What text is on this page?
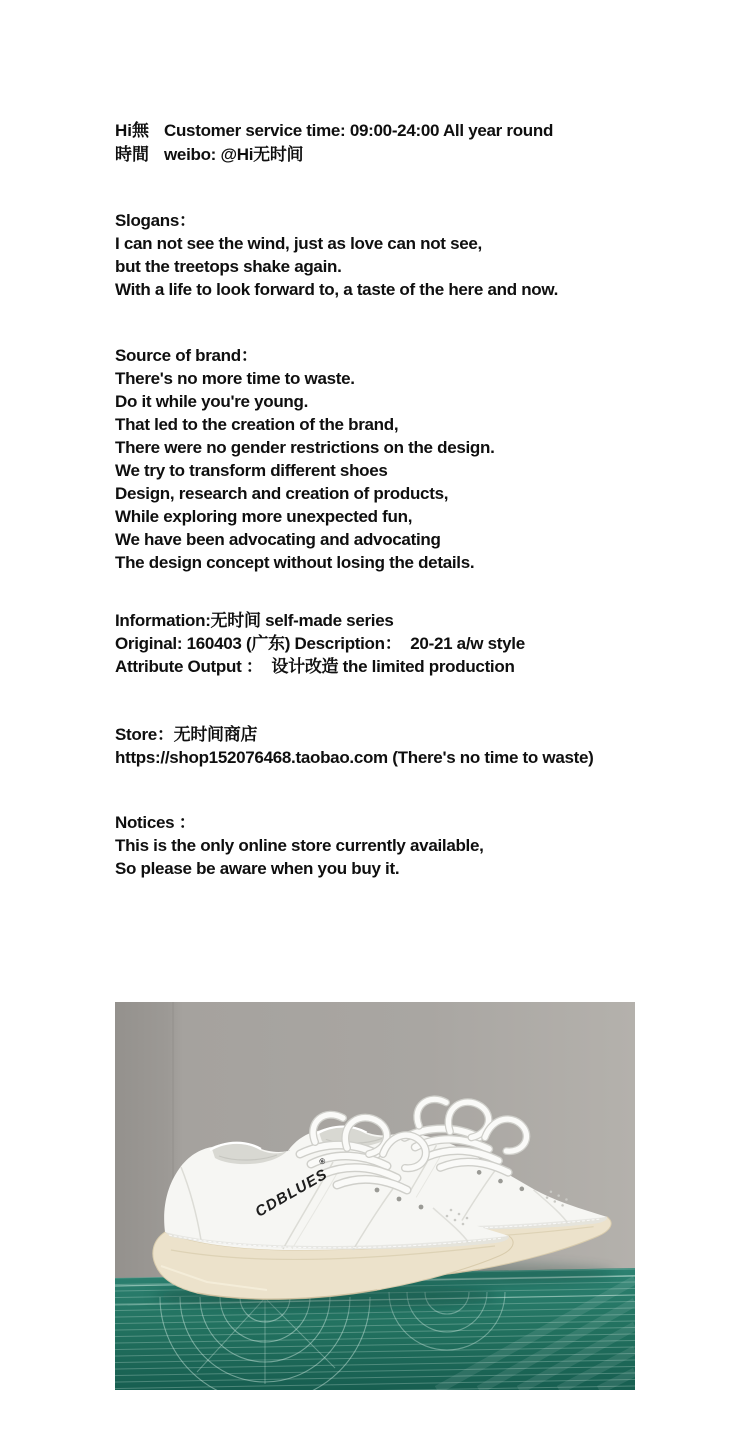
Hi無
時間
Customer service time: 09:00-24:00 All year round
weibo: @Hi无时间
Slogans：
I can not see the wind, just as love can not see,
but the treetops shake again.
With a life to look forward to, a taste of the here and now.
Source of brand：
There's no more time to waste.
Do it while you're young.
That led to the creation of the brand,
There were no gender restrictions on the design.
We try to transform different shoes
Design, research and creation of products,
While exploring more unexpected fun,
We have been advocating and advocating
The design concept without losing the details.
Information:无时间 self-made series
Original: 160403 (广东) Description：  20-21 a/w style
Attribute Output ：  设计改造 the limited production
Store：无时间商店
https://shop152076468.taobao.com (There's no time to waste)
Notices ：
This is the only online store currently available,
So please be aware when you buy it.
CDBLUES
®
